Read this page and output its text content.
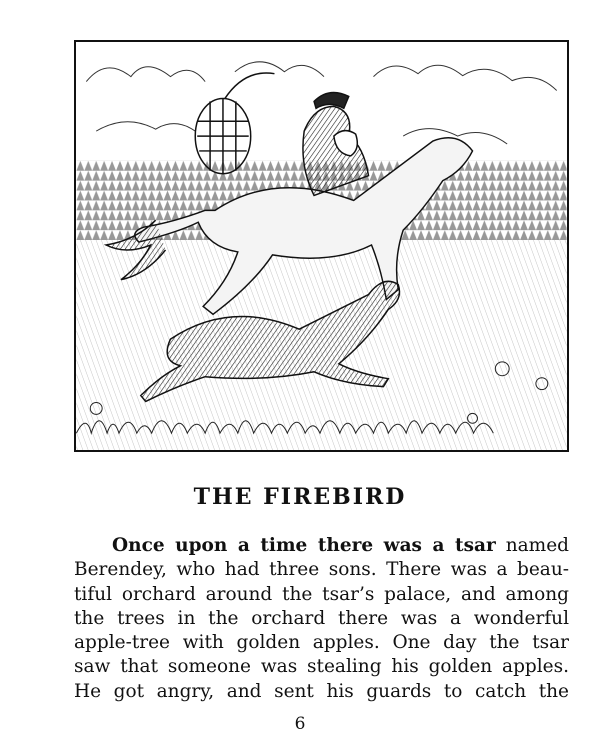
THE FIREBIRD
Once upon a time there was a tsar named
Berendey, who had three sons. There was a beau-
tiful orchard around the tsar’s palace, and among
the trees in the orchard there was a wonderful
apple-tree with golden apples. One day the tsar
saw that someone was stealing his golden apples.
He got angry, and sent his guards to catch the
6
